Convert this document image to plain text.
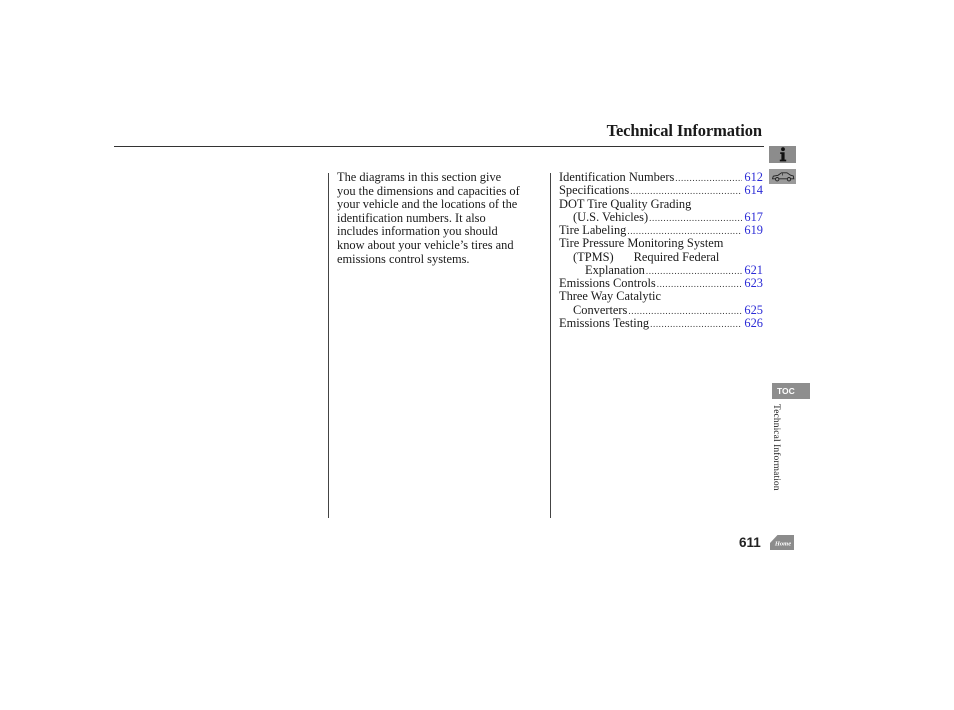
Technical Information

The diagrams in this section give

you the dimensions and capacities of

your vehicle and the locations of the

identification numbers. It also

includes information you should

know about your vehicle’s tires and

emissions control systems.

Identification Numbers .....	612
Specifications .....	614
DOT Tire Quality Grading
(U.S. Vehicles) .....	617
Tire Labeling .....	619
Tire Pressure Monitoring System
(TPMS) Required Federal
Explanation .....	621
Emissions Controls .....	623
Three Way Catalytic
Converters .....	625
Emissions Testing .....	626
TOC
Technical Information
611 Home
